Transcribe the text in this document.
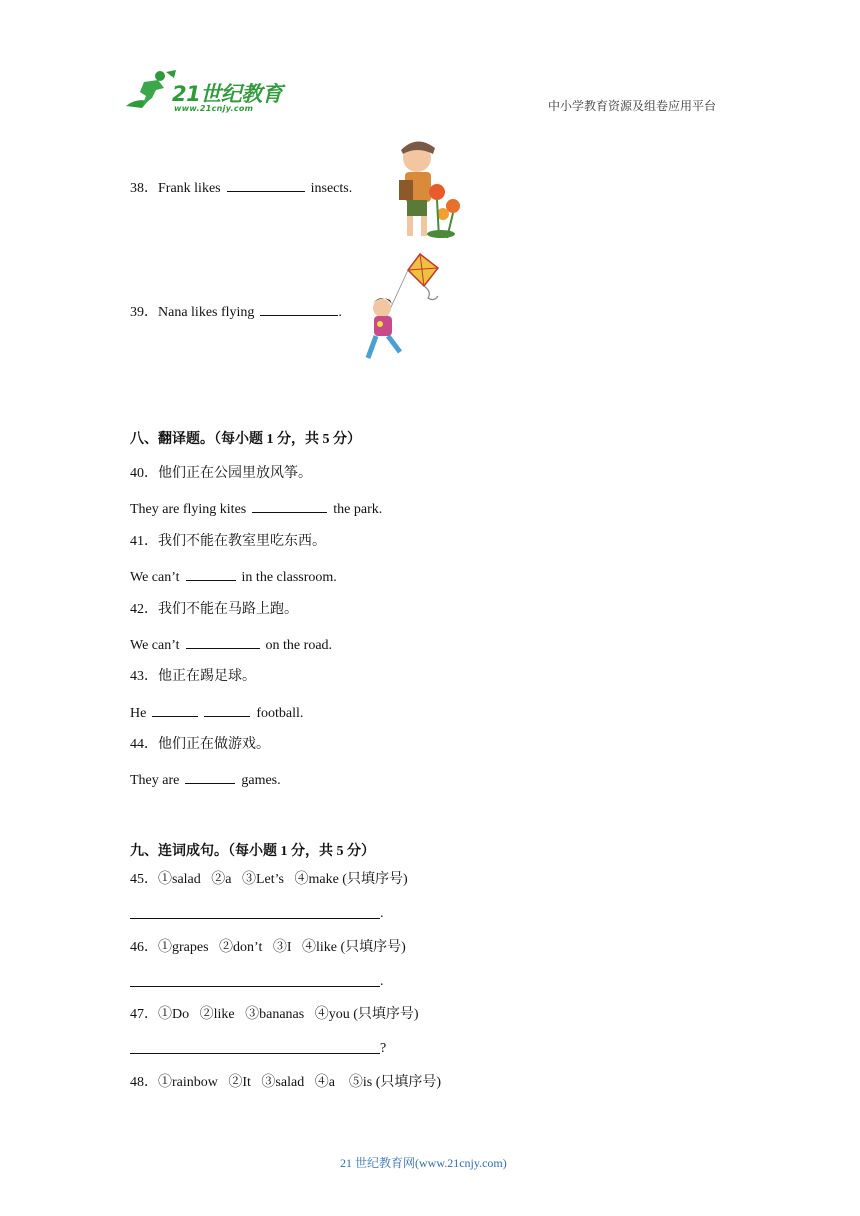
21世纪教育
www.21cnjy.com	中小学教育资源及组卷应用平台
38．Frank likes	insects.
39．Nana likes flying	.
八、翻译题。（每小题 1 分，共 5 分）
40．他们正在公园里放风筝。
They are flying kites	the park.
41．我们不能在教室里吃东西。
We can’t	in the classroom.
42．我们不能在马路上跑。
We can’t	on the road.
43．他正在踢足球。
He	football.
44．他们正在做游戏。
They are	games.
九、连词成句。（每小题 1 分，共 5 分）
45．①salad   ②a   ③Let’s   ④make (只填序号)
.
46．①grapes   ②don’t   ③I   ④like (只填序号)
.
47．①Do   ②like   ③bananas   ④you (只填序号)
?
48．①rainbow   ②It   ③salad   ④a    ⑤is (只填序号)
21 世纪教育网(www.21cnjy.com)
